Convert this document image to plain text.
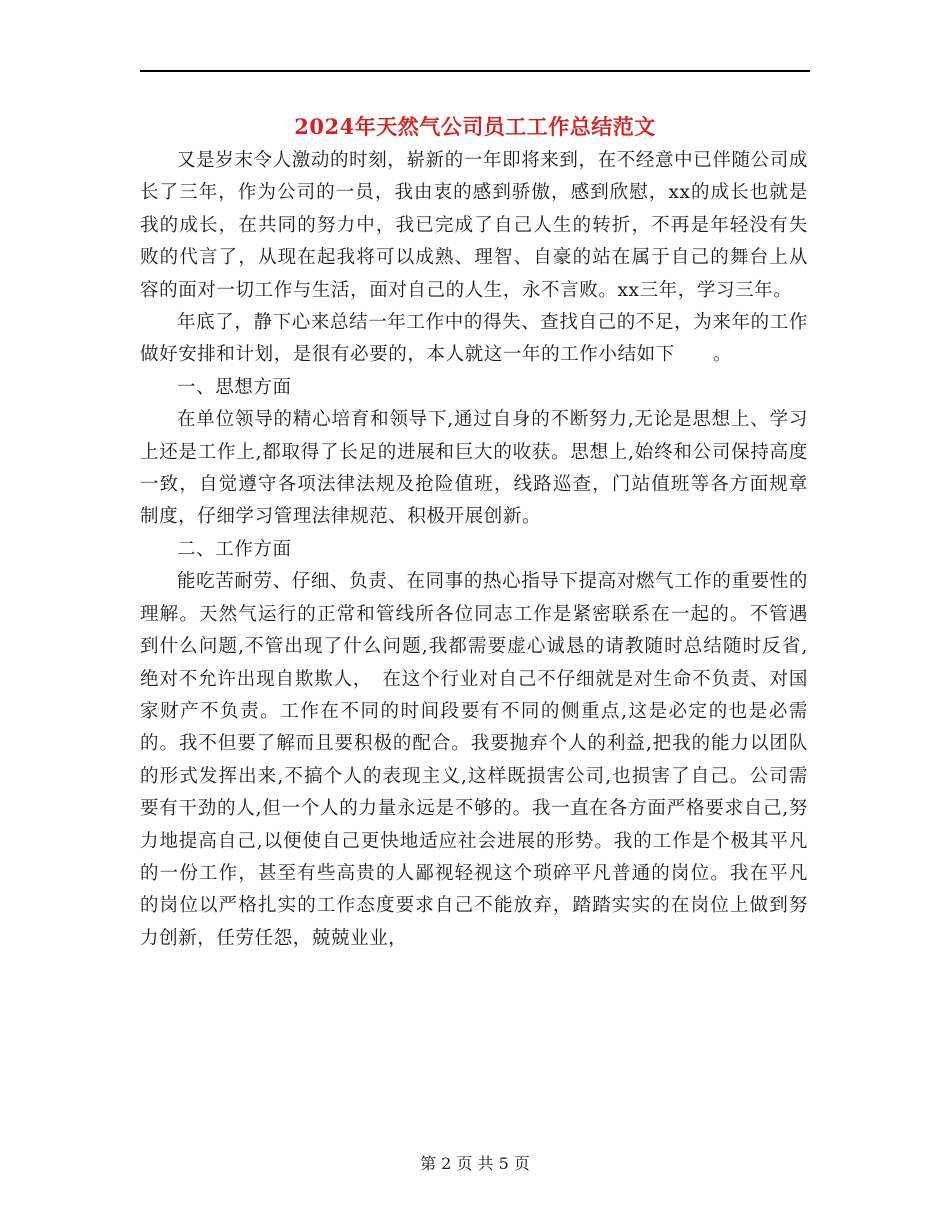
2024年天然气公司员工工作总结范文

又是岁末令人激动的时刻，崭新的一年即将来到，在不经意中已伴随公司成长了三年，作为公司的一员，我由衷的感到骄傲，感到欣慰，xx的成长也就是我的成长，在共同的努力中，我已完成了自己人生的转折，不再是年轻没有失败的代言了，从现在起我将可以成熟、理智、自豪的站在属于自己的舞台上从容的面对一切工作与生活，面对自己的人生，永不言败。xx三年，学习三年。

年底了，静下心来总结一年工作中的得失、查找自己的不足，为来年的工作做好安排和计划，是很有必要的，本人就这一年的工作小结如下　　。

一、思想方面

在单位领导的精心培育和领导下,通过自身的不断努力,无论是思想上、学习上还是工作上,都取得了长足的进展和巨大的收获。思想上,始终和公司保持高度一致，自觉遵守各项法律法规及抢险值班，线路巡查，门站值班等各方面规章制度，仔细学习管理法律规范、积极开展创新。

二、工作方面

能吃苦耐劳、仔细、负责、在同事的热心指导下提高对燃气工作的重要性的理解。天然气运行的正常和管线所各位同志工作是紧密联系在一起的。不管遇到什么问题,不管出现了什么问题,我都需要虚心诚恳的请教随时总结随时反省,绝对不允许出现自欺欺人，　在这个行业对自己不仔细就是对生命不负责、对国家财产不负责。工作在不同的时间段要有不同的侧重点,这是必定的也是必需的。我不但要了解而且要积极的配合。我要抛弃个人的利益,把我的能力以团队的形式发挥出来,不搞个人的表现主义,这样既损害公司,也损害了自己。公司需要有干劲的人,但一个人的力量永远是不够的。我一直在各方面严格要求自己,努力地提高自己,以便使自己更快地适应社会进展的形势。我的工作是个极其平凡的一份工作，甚至有些高贵的人鄙视轻视这个琐碎平凡普通的岗位。我在平凡的岗位以严格扎实的工作态度要求自己不能放弃，踏踏实实的在岗位上做到努力创新，任劳任怨，兢兢业业，

第 2 页 共 5 页
